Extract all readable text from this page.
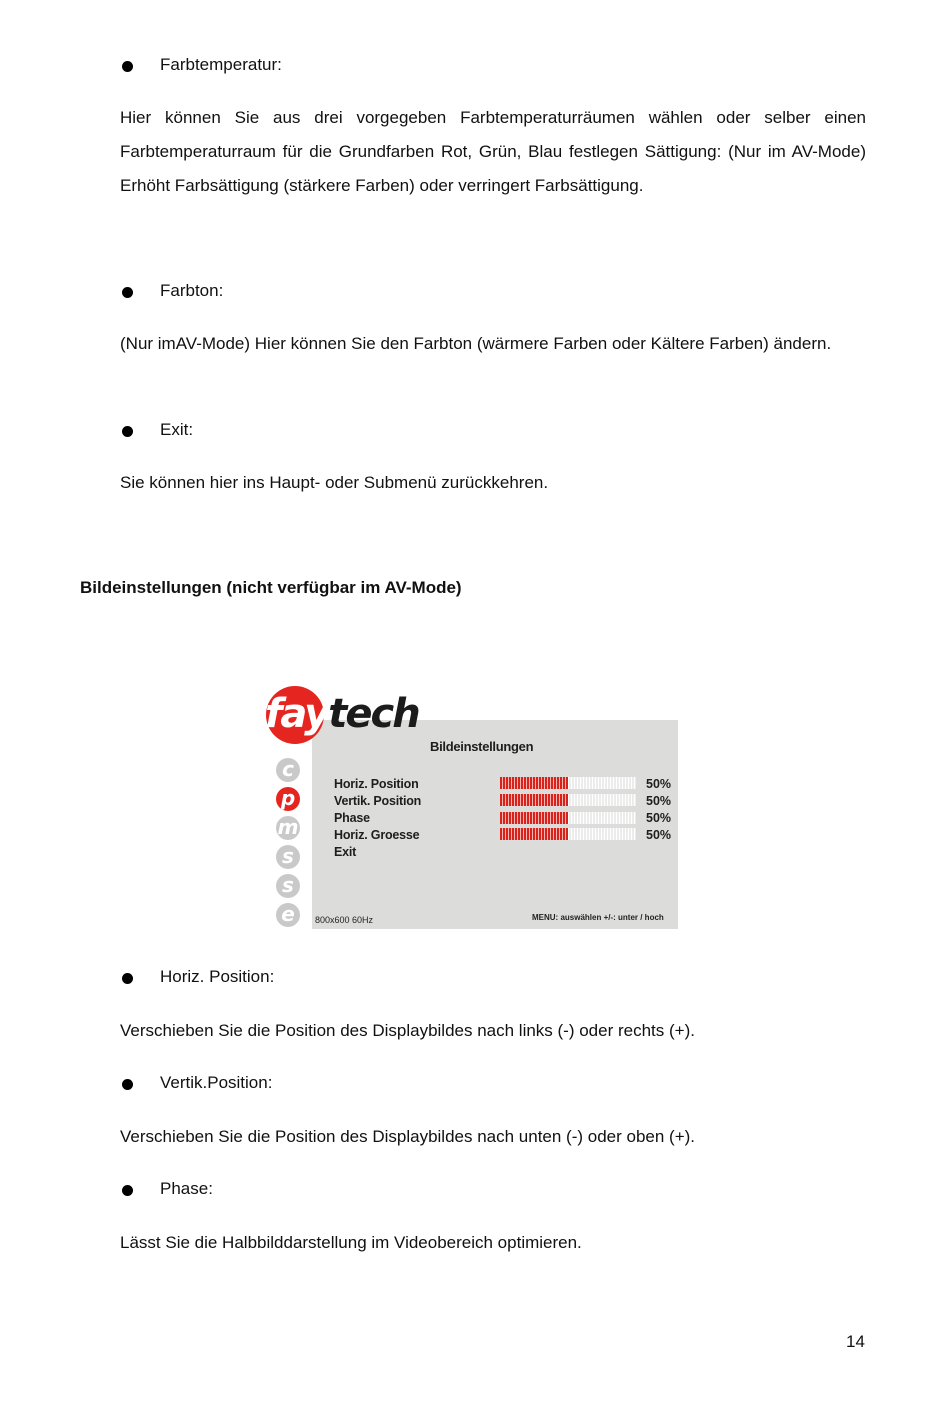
Farbtemperatur:

Hier können Sie aus drei vorgegeben Farbtemperaturräumen wählen oder selber einen Farbtemperaturraum für die Grundfarben Rot, Grün, Blau festlegen Sättigung: (Nur im AV-Mode) Erhöht Farbsättigung (stärkere Farben) oder verringert Farbsättigung.

Farbton:

(Nur imAV-Mode) Hier können Sie den Farbton (wärmere Farben oder Kältere Farben) ändern.

Exit:

Sie können hier ins Haupt- oder Submenü zurückkehren.

Bildeinstellungen (nicht verfügbar im AV-Mode)
faytech
Bildeinstellungen
c
p
m
s
s
e
Horiz. Position	50%
Vertik. Position	50%
Phase	50%
Horiz. Groesse	50%
Exit
800x600 60Hz	MENU: auswählen +/-: unter / hoch
Horiz. Position:

Verschieben Sie die Position des Displaybildes nach links (-) oder rechts (+).

Vertik.Position:

Verschieben Sie die Position des Displaybildes nach unten (-) oder oben (+).

Phase:

Lässt Sie die Halbbilddarstellung im Videobereich optimieren.

14
